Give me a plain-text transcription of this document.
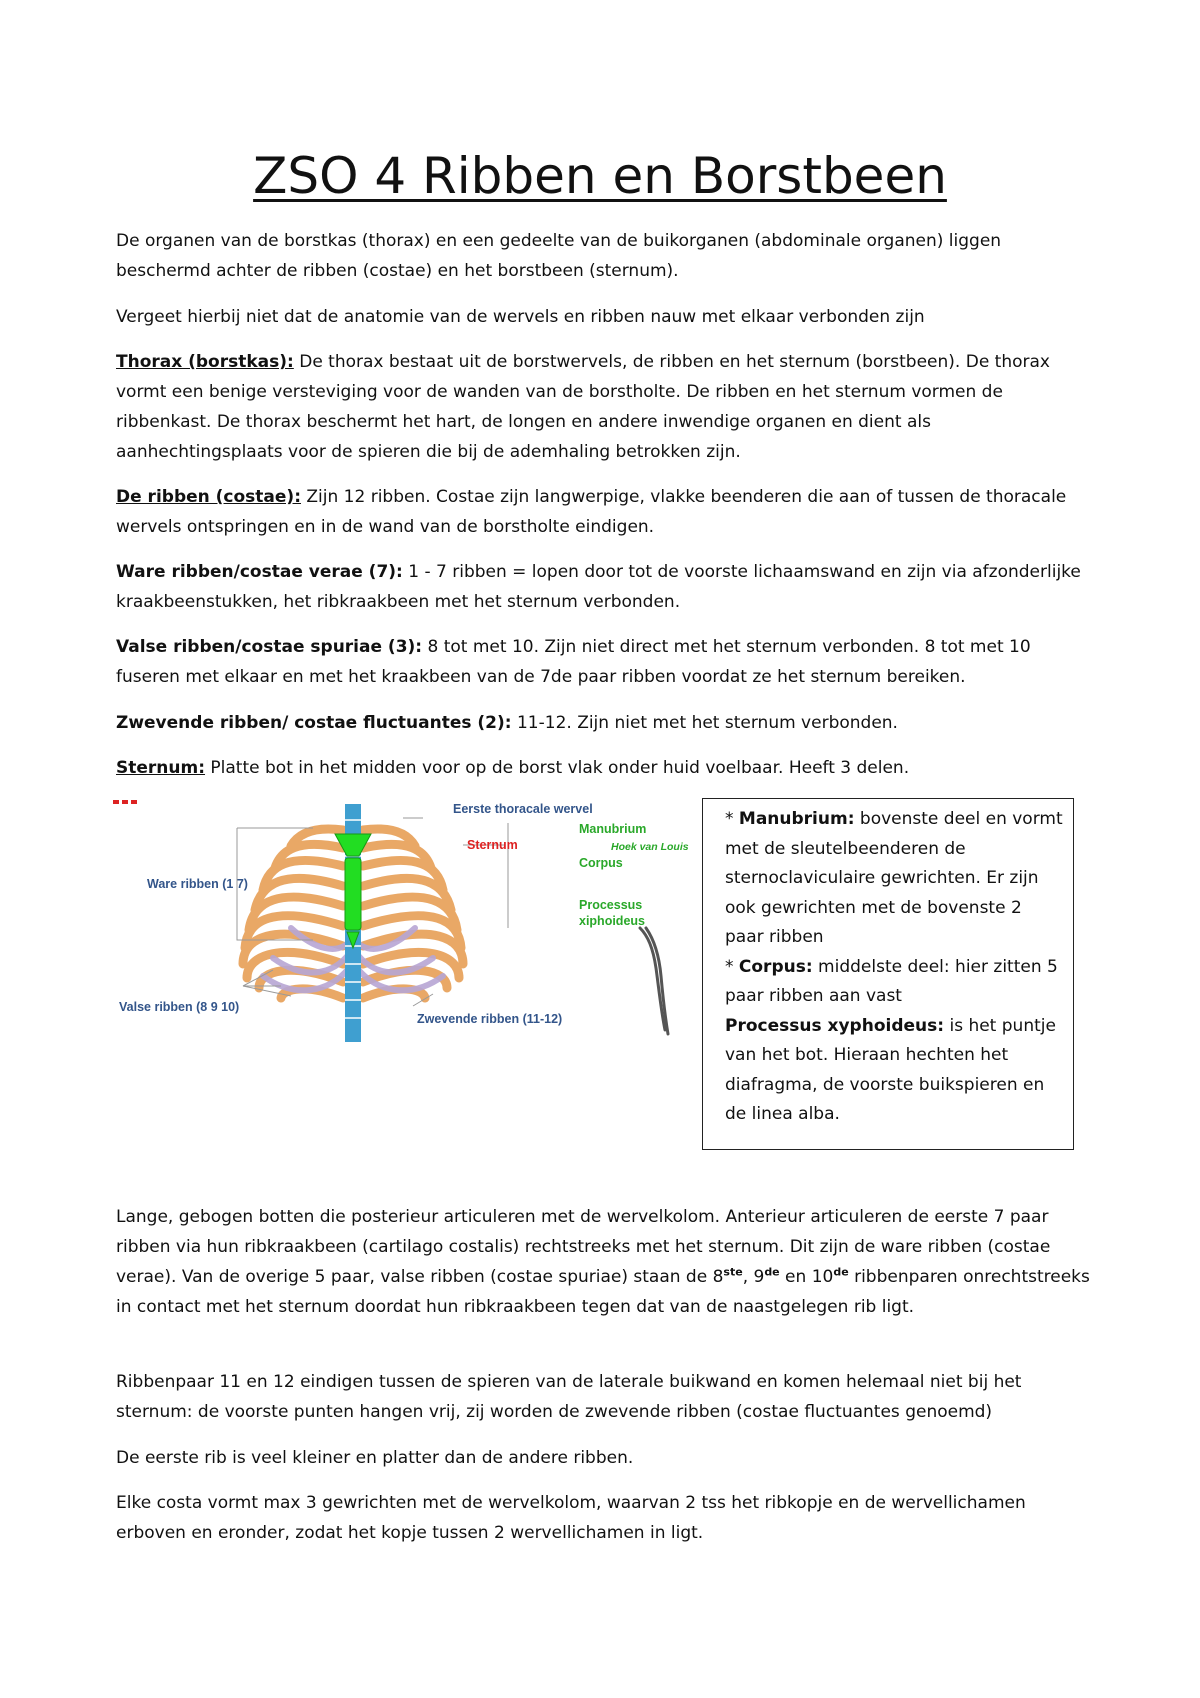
ZSO 4 Ribben en Borstbeen

De organen van de borstkas (thorax) en een gedeelte van de buikorganen (abdominale organen) liggen beschermd achter de ribben (costae) en het borstbeen (sternum).

Vergeet hierbij niet dat de anatomie van de wervels en ribben nauw met elkaar verbonden zijn

Thorax (borstkas): De thorax bestaat uit de borstwervels, de ribben en het sternum (borstbeen). De thorax vormt een benige versteviging voor de wanden van de borstholte. De ribben en het sternum vormen de ribbenkast. De thorax beschermt het hart, de longen en andere inwendige organen en dient als aanhechtingsplaats voor de spieren die bij de ademhaling betrokken zijn.

De ribben (costae): Zijn 12 ribben. Costae zijn langwerpige, vlakke beenderen die aan of tussen de thoracale wervels ontspringen en in de wand van de borstholte eindigen.

Ware ribben/costae verae (7): 1 - 7 ribben = lopen door tot de voorste lichaamswand en zijn via afzonderlijke kraakbeenstukken, het ribkraakbeen met het sternum verbonden.

Valse ribben/costae spuriae (3): 8 tot met 10. Zijn niet direct met het sternum verbonden. 8 tot met 10 fuseren met elkaar en met het kraakbeen van de 7de paar ribben voordat ze het sternum bereiken.

Zwevende ribben/ costae fluctuantes (2): 11-12. Zijn niet met het sternum verbonden.

Sternum: Platte bot in het midden voor op de borst vlak onder huid voelbaar. Heeft 3 delen.

Eerste thoracale wervel
Sternum
Manubrium
Hoek van Louis
Corpus
Processus
xiphoideus
Ware ribben (1 7)
Valse ribben (8 9 10)
Zwevende ribben (11-12)

* Manubrium: bovenste deel en vormt met de sleutelbeenderen de sternoclaviculaire gewrichten. Er zijn ook gewrichten met de bovenste 2 paar ribben

* Corpus: middelste deel: hier zitten 5 paar ribben aan vast

Processus xyphoideus: is het puntje van het bot. Hieraan hechten het diafragma, de voorste buikspieren en de linea alba.

Lange, gebogen botten die posterieur articuleren met de wervelkolom. Anterieur articuleren de eerste 7 paar ribben via hun ribkraakbeen (cartilago costalis) rechtstreeks met het sternum. Dit zijn de ware ribben (costae verae). Van de overige 5 paar, valse ribben (costae spuriae) staan de 8ste, 9de en 10de ribbenparen onrechtstreeks in contact met het sternum doordat hun ribkraakbeen tegen dat van de naastgelegen rib ligt.

Ribbenpaar 11 en 12 eindigen tussen de spieren van de laterale buikwand en komen helemaal niet bij het sternum: de voorste punten hangen vrij, zij worden de zwevende ribben (costae fluctuantes genoemd)

De eerste rib is veel kleiner en platter dan de andere ribben.

Elke costa vormt max 3 gewrichten met de wervelkolom, waarvan 2 tss het ribkopje en de wervellichamen erboven en eronder, zodat het kopje tussen 2 wervellichamen in ligt.
